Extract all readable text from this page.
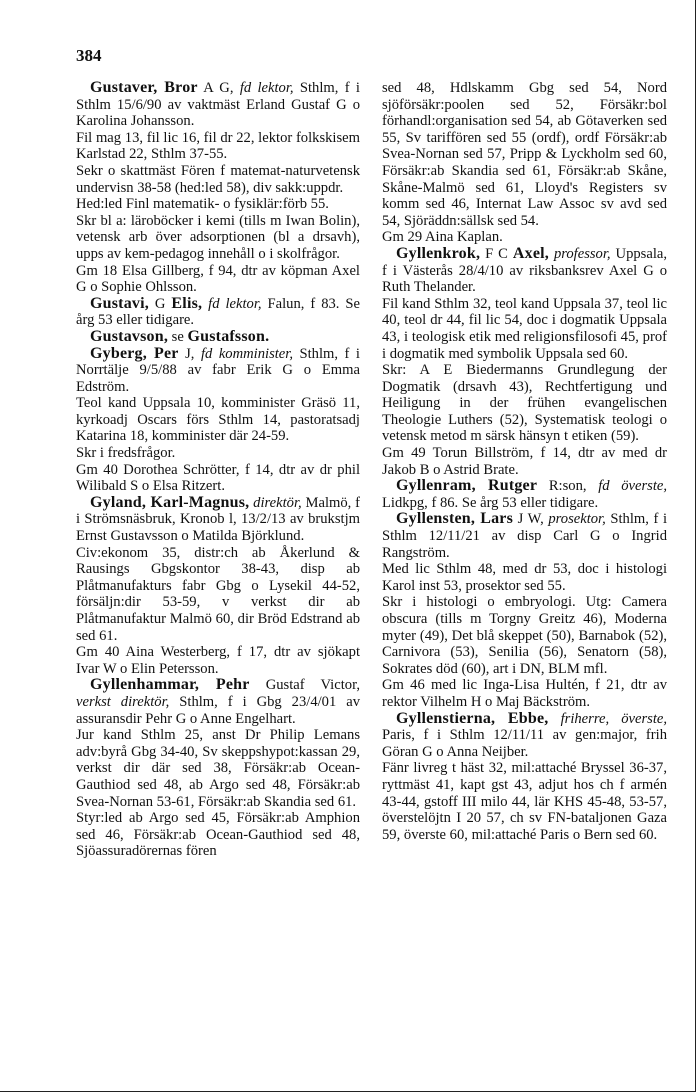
384

Gustaver, Bror A G, fd lektor, Sthlm, f i Sthlm 15/6/90 av vaktmäst Erland Gustaf G o Karolina Johansson.

Fil mag 13, fil lic 16, fil dr 22, lektor folkskisem Karlstad 22, Sthlm 37-55.

Sekr o skattmäst Fören f matemat-naturvetensk undervisn 38-58 (hed:led 58), div sakk:uppdr.

Hed:led Finl matematik- o fysiklär:förb 55.

Skr bl a: läroböcker i kemi (tills m Iwan Bolin), vetensk arb över adsorptionen (bl a drsavh), upps av kem-pedagog innehåll o i skolfrågor.

Gm 18 Elsa Gillberg, f 94, dtr av köpman Axel G o Sophie Ohlsson.

Gustavi, G Elis, fd lektor, Falun, f 83. Se årg 53 eller tidigare.

Gustavson, se Gustafsson.

Gyberg, Per J, fd komminister, Sthlm, f i Norrtälje 9/5/88 av fabr Erik G o Emma Edström.

Teol kand Uppsala 10, komminister Gräsö 11, kyrkoadj Oscars förs Sthlm 14, pastoratsadj Katarina 18, komminister där 24-59.

Skr i fredsfrågor.

Gm 40 Dorothea Schrötter, f 14, dtr av dr phil Wilibald S o Elsa Ritzert.

Gyland, Karl-Magnus, direktör, Malmö, f i Strömsnäsbruk, Kronob l, 13/2/13 av brukstjm Ernst Gustavsson o Matilda Björklund.

Civ:ekonom 35, distr:ch ab Åkerlund & Rausings Gbgskontor 38-43, disp ab Plåtmanufakturs fabr Gbg o Lysekil 44-52, försäljn:dir 53-59, v verkst dir ab Plåtmanufaktur Malmö 60, dir Bröd Edstrand ab sed 61.

Gm 40 Aina Westerberg, f 17, dtr av sjökapt Ivar W o Elin Petersson.

Gyllenhammar, Pehr Gustaf Victor, verkst direktör, Sthlm, f i Gbg 23/4/01 av assuransdir Pehr G o Anne Engelhart.

Jur kand Sthlm 25, anst Dr Philip Lemans adv:byrå Gbg 34-40, Sv skeppshypot:kassan 29, verkst dir där sed 38, Försäkr:ab Ocean-Gauthiod sed 48, ab Argo sed 48, Försäkr:ab Svea-Nornan 53-61, Försäkr:ab Skandia sed 61.

Styr:led ab Argo sed 45, Försäkr:ab Amphion sed 46, Försäkr:ab Ocean-Gauthiod sed 48, Sjöassuradörernas fören

sed 48, Hdlskamm Gbg sed 54, Nord sjöförsäkr:poolen sed 52, Försäkr:bol förhandl:organisation sed 54, ab Götaverken sed 55, Sv tariffören sed 55 (ordf), ordf Försäkr:ab Svea-Nornan sed 57, Pripp & Lyckholm sed 60, Försäkr:ab Skandia sed 61, Försäkr:ab Skåne, Skåne-Malmö sed 61, Lloyd's Registers sv komm sed 46, Internat Law Assoc sv avd sed 54, Sjöräddn:sällsk sed 54.

Gm 29 Aina Kaplan.

Gyllenkrok, F C Axel, professor, Uppsala, f i Västerås 28/4/10 av riksbanksrev Axel G o Ruth Thelander.

Fil kand Sthlm 32, teol kand Uppsala 37, teol lic 40, teol dr 44, fil lic 54, doc i dogmatik Uppsala 43, i teologisk etik med religionsfilosofi 45, prof i dogmatik med symbolik Uppsala sed 60.

Skr: A E Biedermanns Grundlegung der Dogmatik (drsavh 43), Rechtfertigung und Heiligung in der frühen evangelischen Theologie Luthers (52), Systematisk teologi o vetensk metod m särsk hänsyn t etiken (59).

Gm 49 Torun Billström, f 14, dtr av med dr Jakob B o Astrid Brate.

Gyllenram, Rutger R:son, fd överste, Lidkpg, f 86. Se årg 53 eller tidigare.

Gyllensten, Lars J W, prosektor, Sthlm, f i Sthlm 12/11/21 av disp Carl G o Ingrid Rangström.

Med lic Sthlm 48, med dr 53, doc i histologi Karol inst 53, prosektor sed 55.

Skr i histologi o embryologi. Utg: Camera obscura (tills m Torgny Greitz 46), Moderna myter (49), Det blå skeppet (50), Barnabok (52), Carnivora (53), Senilia (56), Senatorn (58), Sokrates död (60), art i DN, BLM mfl.

Gm 46 med lic Inga-Lisa Hultén, f 21, dtr av rektor Vilhelm H o Maj Bäckström.

Gyllenstierna, Ebbe, friherre, överste, Paris, f i Sthlm 12/11/11 av gen:major, frih Göran G o Anna Neijber.

Fänr livreg t häst 32, mil:attaché Bryssel 36-37, ryttmäst 41, kapt gst 43, adjut hos ch f armén 43-44, gstoff III milo 44, lär KHS 45-48, 53-57, överstelöjtn I 20 57, ch sv FN-bataljonen Gaza 59, överste 60, mil:attaché Paris o Bern sed 60.
